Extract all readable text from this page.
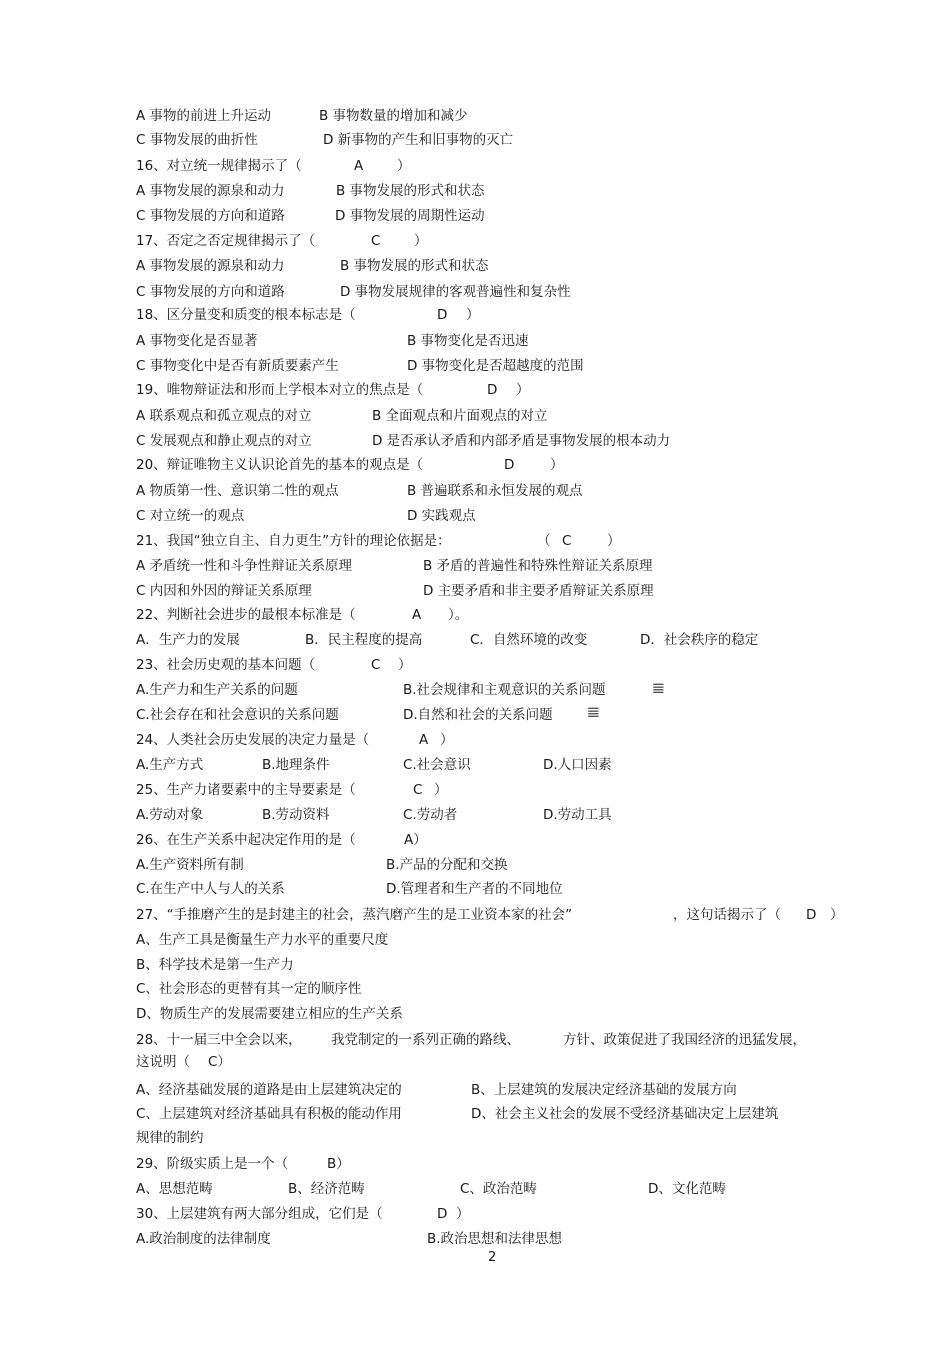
A 事物的前进上升运动	B 事物数量的增加和减少
C 事物发展的曲折性	D 新事物的产生和旧事物的灭亡
16、对立统一规律揭示了（	A	）
A 事物发展的源泉和动力	B 事物发展的形式和状态
C 事物发展的方向和道路	D 事物发展的周期性运动
17、否定之否定规律揭示了（	C ）
A 事物发展的源泉和动力	B 事物发展的形式和状态
C 事物发展的方向和道路	D 事物发展规律的客观普遍性和复杂性
18、区分量变和质变的根本标志是（	D ）
A 事物变化是否显著	B 事物变化是否迅速
C 事物变化中是否有新质要素产生	D 事物变化是否超越度的范围
19、唯物辩证法和形而上学根本对立的焦点是（	D ）
A 联系观点和孤立观点的对立	B 全面观点和片面观点的对立
C 发展观点和静止观点的对立	D 是否承认矛盾和内部矛盾是事物发展的根本动力
20、辩证唯物主义认识论首先的基本的观点是（	D	）
A 物质第一性、意识第二性的观点	B 普遍联系和永恒发展的观点
C 对立统一的观点	D 实践观点
21、我国“独立自主、自力更生”方针的理论依据是：	（ C	）
A 矛盾统一性和斗争性辩证关系原理	B 矛盾的普遍性和特殊性辩证关系原理
C 内因和外因的辩证关系原理	D 主要矛盾和非主要矛盾辩证关系原理
22、判断社会进步的最根本标准是（	A ）。
A．生产力的发展	B．民主程度的提高	C．自然环境的改变	D．社会秩序的稳定
23、社会历史观的基本问题（	C ）
A.生产力和生产关系的问题	B.社会规律和主观意识的关系问题
C.社会存在和社会意识的关系问题	D.自然和社会的关系问题
24、人类社会历史发展的决定力量是（	A ）
A.生产方式	B.地理条件	C.社会意识	D.人口因素
25、生产力诸要素中的主导要素是（	C ）
A.劳动对象	B.劳动资料	C.劳动者	D.劳动工具
26、在生产关系中起决定作用的是（	A）
A.生产资料所有制	B.产品的分配和交换
C.在生产中人与人的关系	D.管理者和生产者的不同地位
27、“手推磨产生的是封建主的社会，蒸汽磨产生的是工业资本家的社会”	，这句话揭示了（ D ）
A、生产工具是衡量生产力水平的重要尺度
B、科学技术是第一生产力
C、社会形态的更替有其一定的顺序性
D、物质生产的发展需要建立相应的生产关系
28、十一届三中全会以来， 我党制定的一系列正确的路线、	方针、政策促进了我国经济的迅猛发展，
这说明（ C）
A、经济基础发展的道路是由上层建筑决定的	B、上层建筑的发展决定经济基础的发展方向
C、上层建筑对经济基础具有积极的能动作用	D、社会主义社会的发展不受经济基础决定上层建筑
规律的制约
29、阶级实质上是一个（	B）
A、思想范畴	B、经济范畴	C、政治范畴	D、文化范畴
30、上层建筑有两大部分组成，它们是（	D ）
A.政治制度的法律制度	B.政治思想和法律思想
𝌆
𝌆
2
